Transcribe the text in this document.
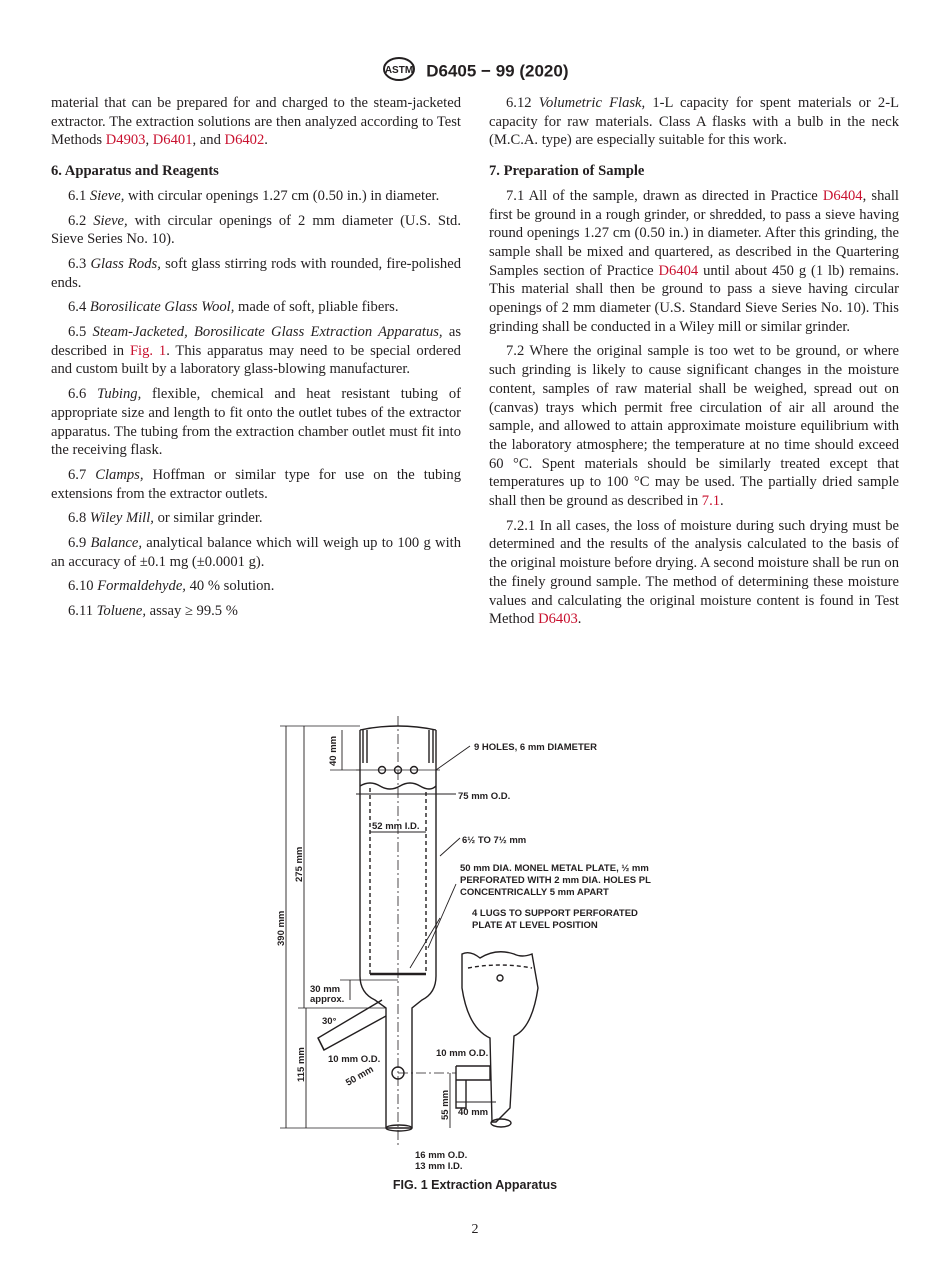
ASTM D6405 − 99 (2020)

material that can be prepared for and charged to the steam-jacketed extractor. The extraction solutions are then analyzed according to Test Methods D4903, D6401, and D6402.

6. Apparatus and Reagents

6.1 Sieve, with circular openings 1.27 cm (0.50 in.) in diameter.

6.2 Sieve, with circular openings of 2 mm diameter (U.S. Std. Sieve Series No. 10).

6.3 Glass Rods, soft glass stirring rods with rounded, fire-polished ends.

6.4 Borosilicate Glass Wool, made of soft, pliable fibers.

6.5 Steam-Jacketed, Borosilicate Glass Extraction Apparatus, as described in Fig. 1. This apparatus may need to be special ordered and custom built by a laboratory glass-blowing manufacturer.

6.6 Tubing, flexible, chemical and heat resistant tubing of appropriate size and length to fit onto the outlet tubes of the extractor apparatus. The tubing from the extraction chamber outlet must fit into the receiving flask.

6.7 Clamps, Hoffman or similar type for use on the tubing extensions from the extractor outlets.

6.8 Wiley Mill, or similar grinder.

6.9 Balance, analytical balance which will weigh up to 100 g with an accuracy of ±0.1 mg (±0.0001 g).

6.10 Formaldehyde, 40 % solution.

6.11 Toluene, assay ≥ 99.5 %

6.12 Volumetric Flask, 1-L capacity for spent materials or 2-L capacity for raw materials. Class A flasks with a bulb in the neck (M.C.A. type) are especially suitable for this work.

7. Preparation of Sample

7.1 All of the sample, drawn as directed in Practice D6404, shall first be ground in a rough grinder, or shredded, to pass a sieve having round openings 1.27 cm (0.50 in.) in diameter. After this grinding, the sample shall be mixed and quartered, as described in the Quartering Samples section of Practice D6404 until about 450 g (1 lb) remains. This material shall then be ground to pass a sieve having circular openings of 2 mm diameter (U.S. Standard Sieve Series No. 10). This grinding shall be conducted in a Wiley mill or similar grinder.

7.2 Where the original sample is too wet to be ground, or where such grinding is likely to cause significant changes in the moisture content, samples of raw material shall be weighed, spread out on (canvas) trays which permit free circulation of air all around the sample, and allowed to attain approximate moisture equilibrium with the laboratory atmosphere; the temperature at no time should exceed 60 °C. Spent materials should be similarly treated except that temperatures up to 100 °C may be used. The partially dried sample shall then be ground as described in 7.1.

7.2.1 In all cases, the loss of moisture during such drying must be determined and the results of the analysis calculated to the basis of the original moisture before drying. A second moisture shall be run on the finely ground sample. The method of determining these moisture values and calculating the original moisture content is found in Test Method D6403.

9 HOLES, 6 mm DIAMETER
75 mm O.D.
52 mm I.D.
6½ TO 7½ mm
50 mm DIA. MONEL METAL PLATE, ½ mm
PERFORATED WITH 2 mm DIA. HOLES PL
CONCENTRICALLY 5 mm APART
4 LUGS TO SUPPORT PERFORATED
PLATE AT LEVEL POSITION
40 mm
275 mm
390 mm
30 mm
approx.
30°
10 mm O.D.
50 mm
115 mm	10 mm O.D.
55 mm 40 mm
16 mm O.D.
13 mm I.D.
FIG. 1 Extraction Apparatus
2
